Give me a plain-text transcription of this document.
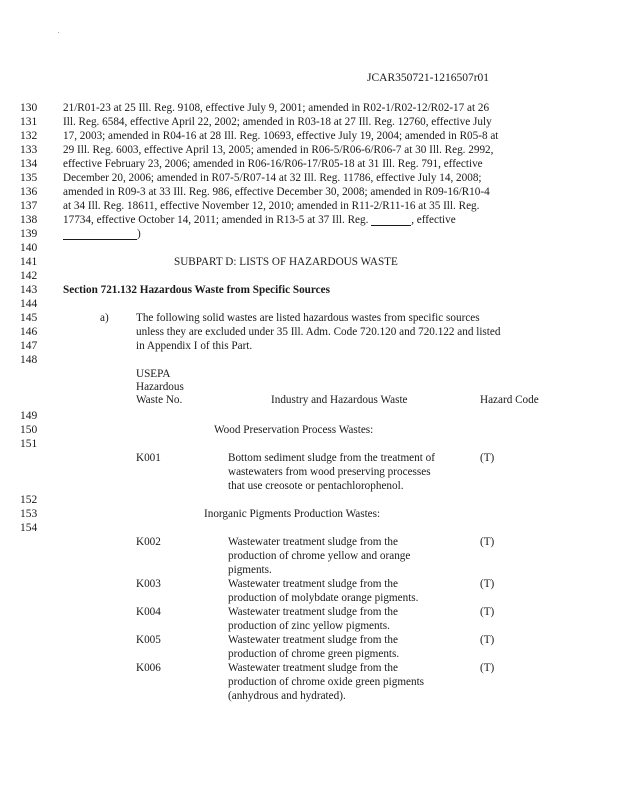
.
JCAR350721-1216507r01
130
131
132
133
134
135
136
137
138
139
140
141
142
143
144
145
146
147
148
149
150
151
152
153
154
21/R01-23 at 25 Ill. Reg. 9108, effective July 9, 2001; amended in R02-1/R02-12/R02-17 at 26
Ill. Reg. 6584, effective April 22, 2002; amended in R03-18 at 27 Ill. Reg. 12760, effective July
17, 2003; amended in R04-16 at 28 Ill. Reg. 10693, effective July 19, 2004; amended in R05-8 at
29 Ill. Reg. 6003, effective April 13, 2005; amended in R06-5/R06-6/R06-7 at 30 Ill. Reg. 2992,
effective February 23, 2006; amended in R06-16/R06-17/R05-18 at 31 Ill. Reg. 791, effective
December 20, 2006; amended in R07-5/R07-14 at 32 Ill. Reg. 11786, effective July 14, 2008;
amended in R09-3 at 33 Ill. Reg. 986, effective December 30, 2008; amended in R09-16/R10-4
at 34 Ill. Reg. 18611, effective November 12, 2010; amended in R11-2/R11-16 at 35 Ill. Reg.
17734, effective October 14, 2011; amended in R13-5 at 37 Ill. Reg.	, effective
)
SUBPART D: LISTS OF HAZARDOUS WASTE
Section 721.132 Hazardous Waste from Specific Sources
a) The following solid wastes are listed hazardous wastes from specific sources
unless they are excluded under 35 Ill. Adm. Code 720.120 and 720.122 and listed
in Appendix I of this Part.
USEPA
Hazardous
Waste No.	Industry and Hazardous Waste	Hazard Code
Wood Preservation Process Wastes:
K001	Bottom sediment sludge from the treatment of
wastewaters from wood preserving processes
that use creosote or pentachlorophenol.
(T)
Inorganic Pigments Production Wastes:
K002	Wastewater treatment sludge from the
production of chrome yellow and orange
pigments.
(T)
K003	Wastewater treatment sludge from the
production of molybdate orange pigments.
(T)
K004	Wastewater treatment sludge from the
production of zinc yellow pigments.
(T)
K005	Wastewater treatment sludge from the
production of chrome green pigments.
(T)
K006	Wastewater treatment sludge from the
production of chrome oxide green pigments
(anhydrous and hydrated).
(T)
